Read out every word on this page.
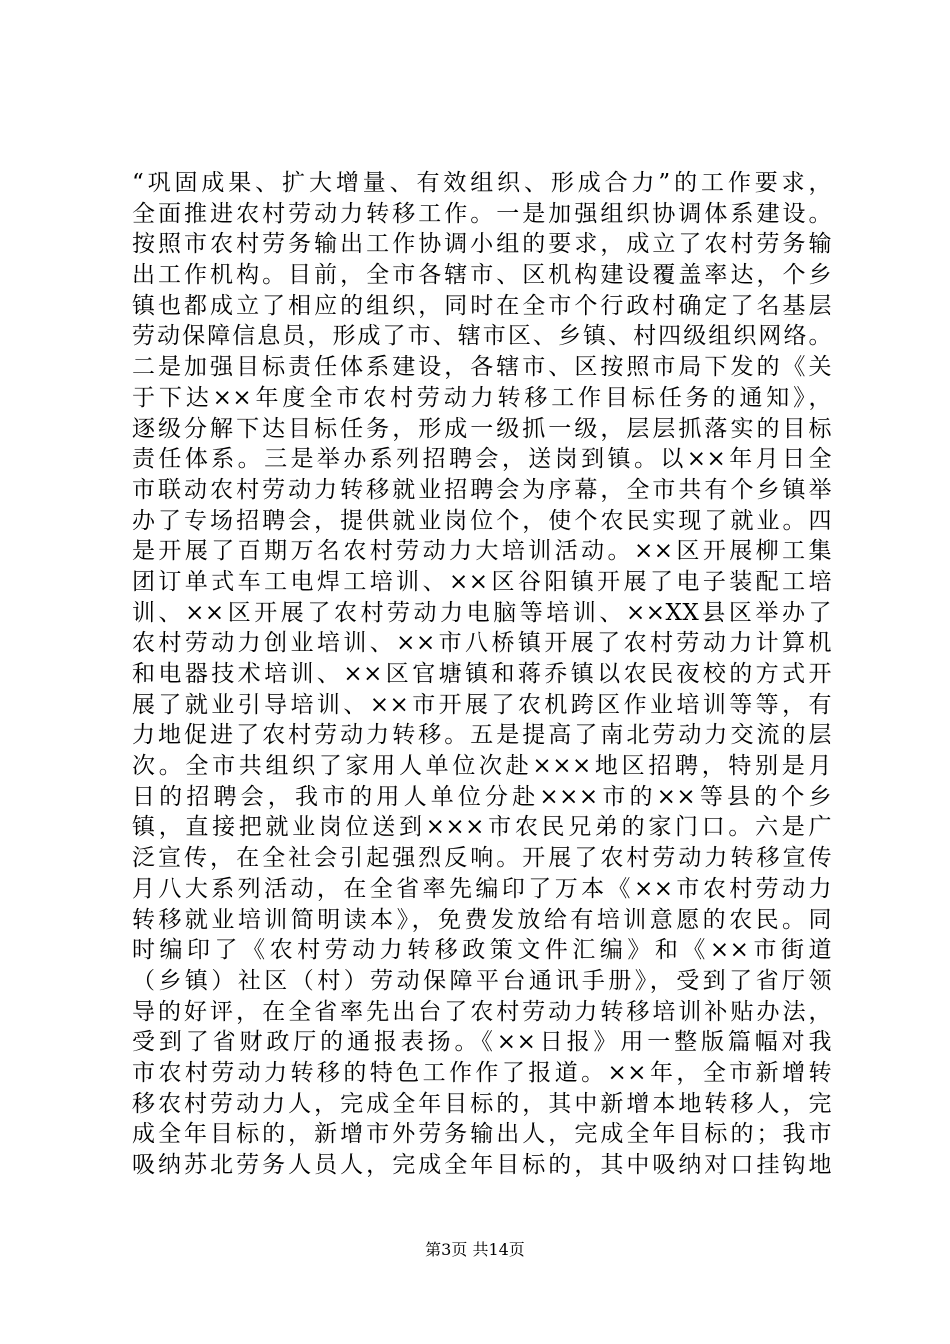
“巩固成果、扩大增量、有效组织、形成合力”的工作要求，
全面推进农村劳动力转移工作。一是加强组织协调体系建设。
按照市农村劳务输出工作协调小组的要求，成立了农村劳务输
出工作机构。目前，全市各辖市、区机构建设覆盖率达，个乡
镇也都成立了相应的组织，同时在全市个行政村确定了名基层
劳动保障信息员，形成了市、辖市区、乡镇、村四级组织网络。
二是加强目标责任体系建设，各辖市、区按照市局下发的《关
于下达××年度全市农村劳动力转移工作目标任务的通知》，
逐级分解下达目标任务，形成一级抓一级，层层抓落实的目标
责任体系。三是举办系列招聘会，送岗到镇。以××年月日全
市联动农村劳动力转移就业招聘会为序幕，全市共有个乡镇举
办了专场招聘会，提供就业岗位个，使个农民实现了就业。四
是开展了百期万名农村劳动力大培训活动。××区开展柳工集
团订单式车工电焊工培训、××区谷阳镇开展了电子装配工培
训、××区开展了农村劳动力电脑等培训、××XX县区举办了
农村劳动力创业培训、××市八桥镇开展了农村劳动力计算机
和电器技术培训、××区官塘镇和蒋乔镇以农民夜校的方式开
展了就业引导培训、××市开展了农机跨区作业培训等等，有
力地促进了农村劳动力转移。五是提高了南北劳动力交流的层
次。全市共组织了家用人单位次赴×××地区招聘，特别是月
日的招聘会，我市的用人单位分赴×××市的××等县的个乡
镇，直接把就业岗位送到×××市农民兄弟的家门口。六是广
泛宣传，在全社会引起强烈反响。开展了农村劳动力转移宣传
月八大系列活动，在全省率先编印了万本《××市农村劳动力
转移就业培训简明读本》，免费发放给有培训意愿的农民。同
时编印了《农村劳动力转移政策文件汇编》和《××市街道
（乡镇）社区（村）劳动保障平台通讯手册》，受到了省厅领
导的好评，在全省率先出台了农村劳动力转移培训补贴办法，
受到了省财政厅的通报表扬。《××日报》用一整版篇幅对我
市农村劳动力转移的特色工作作了报道。××年，全市新增转
移农村劳动力人，完成全年目标的，其中新增本地转移人，完
成全年目标的，新增市外劳务输出人，完成全年目标的；我市
吸纳苏北劳务人员人，完成全年目标的，其中吸纳对口挂钩地
第3页 共14页
